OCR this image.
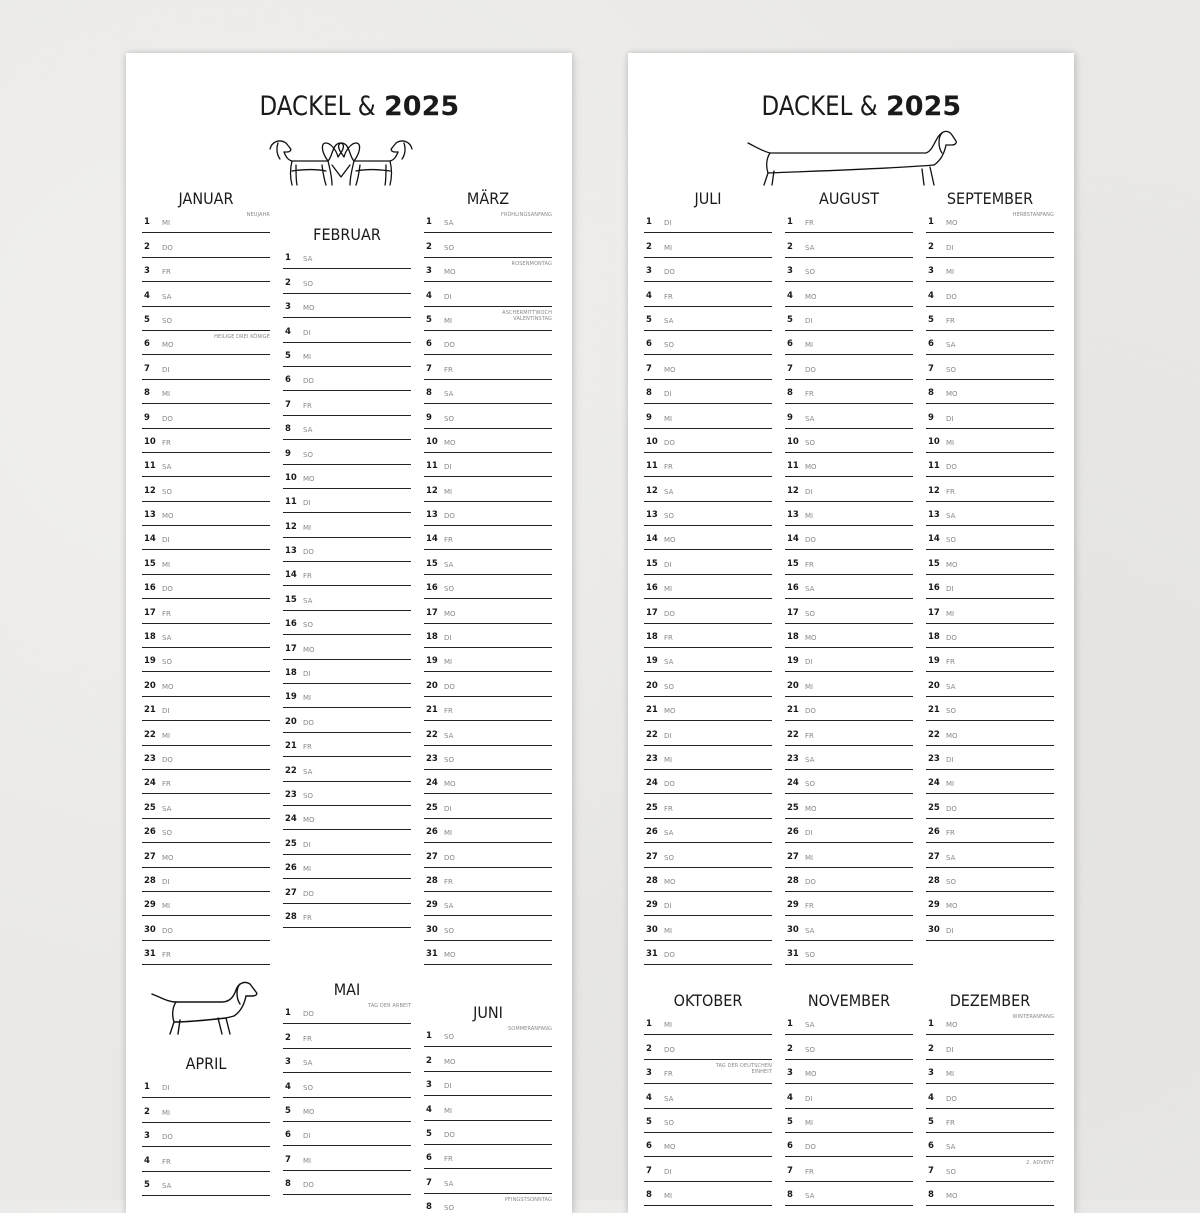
DACKEL & 2025
JANUAR
1	MI
NEUJAHR
2	DO
3	FR
4	SA
5	SO
6	MO
HEILIGE DREI KÖNIGE
7	DI
8	MI
9	DO
10 FR
11 SA
12 SO
13 MO
14 DI
15 MI
16 DO
17 FR
18 SA
19 SO
20 MO
21 DI
22 MI
23 DO
24 FR
25 SA
26 SO
27 MO
28 DI
29 MI
30 DO
31 FR
FEBRUAR
1	SA
2	SO
3	MO
4	DI
5	MI
6	DO
7	FR
8	SA
9	SO
10 MO
11 DI
12 MI
13 DO
14 FR
15 SA
16 SO
17 MO
18 DI
19 MI
20 DO
21 FR
22 SA
23 SO
24 MO
25 DI
26 MI
27 DO
28 FR
MÄRZ
1	SA
FRÜHLINGSANFANG
2	SO
3	MO
ROSENMONTAG
4	DI
5	MI
ASCHERMITTWOCH VALENTINSTAG
6	DO
7	FR
8	SA
9	SO
10 MO
11 DI
12 MI
13 DO
14 FR
15 SA
16 SO
17 MO
18 DI
19 MI
20 DO
21 FR
22 SA
23 SO
24 MO
25 DI
26 MI
27 DO
28 FR
29 SA
30 SO
31 MO
APRIL
1	DI
2	MI
3	DO
4	FR
5	SA
MAI
1	DO
TAG DER ARBEIT
2	FR
3	SA
4	SO
5	MO
6	DI
7	MI
8	DO
JUNI
1	SO
SOMMERANFANG
2	MO
3	DI
4	MI
5	DO
6	FR
7	SA
8	SO
PFINGSTSONNTAG
DACKEL & 2025
JULI
1	DI
2	MI
3	DO
4	FR
5	SA
6	SO
7	MO
8	DI
9	MI
10 DO
11 FR
12 SA
13 SO
14 MO
15 DI
16 MI
17 DO
18 FR
19 SA
20 SO
21 MO
22 DI
23 MI
24 DO
25 FR
26 SA
27 SO
28 MO
29 DI
30 MI
31 DO
AUGUST
1	FR
2	SA
3	SO
4	MO
5	DI
6	MI
7	DO
8	FR
9	SA
10 SO
11 MO
12 DI
13 MI
14 DO
15 FR
16 SA
17 SO
18 MO
19 DI
20 MI
21 DO
22 FR
23 SA
24 SO
25 MO
26 DI
27 MI
28 DO
29 FR
30 SA
31 SO
SEPTEMBER
1	MO
HERBSTANFANG
2	DI
3	MI
4	DO
5	FR
6	SA
7	SO
8	MO
9	DI
10 MI
11 DO
12 FR
13 SA
14 SO
15 MO
16 DI
17 MI
18 DO
19 FR
20 SA
21 SO
22 MO
23 DI
24 MI
25 DO
26 FR
27 SA
28 SO
29 MO
30 DI
OKTOBER
1	MI
2	DO
3	FR
TAG DER DEUTSCHEN EINHEIT
4	SA
5	SO
6	MO
7	DI
8	MI
NOVEMBER
1	SA
2	SO
3	MO
4	DI
5	MI
6	DO
7	FR
8	SA
DEZEMBER
1	MO
WINTERANFANG
2	DI
3	MI
4	DO
5	FR
6	SA
7	SO
2. ADVENT
8	MO
